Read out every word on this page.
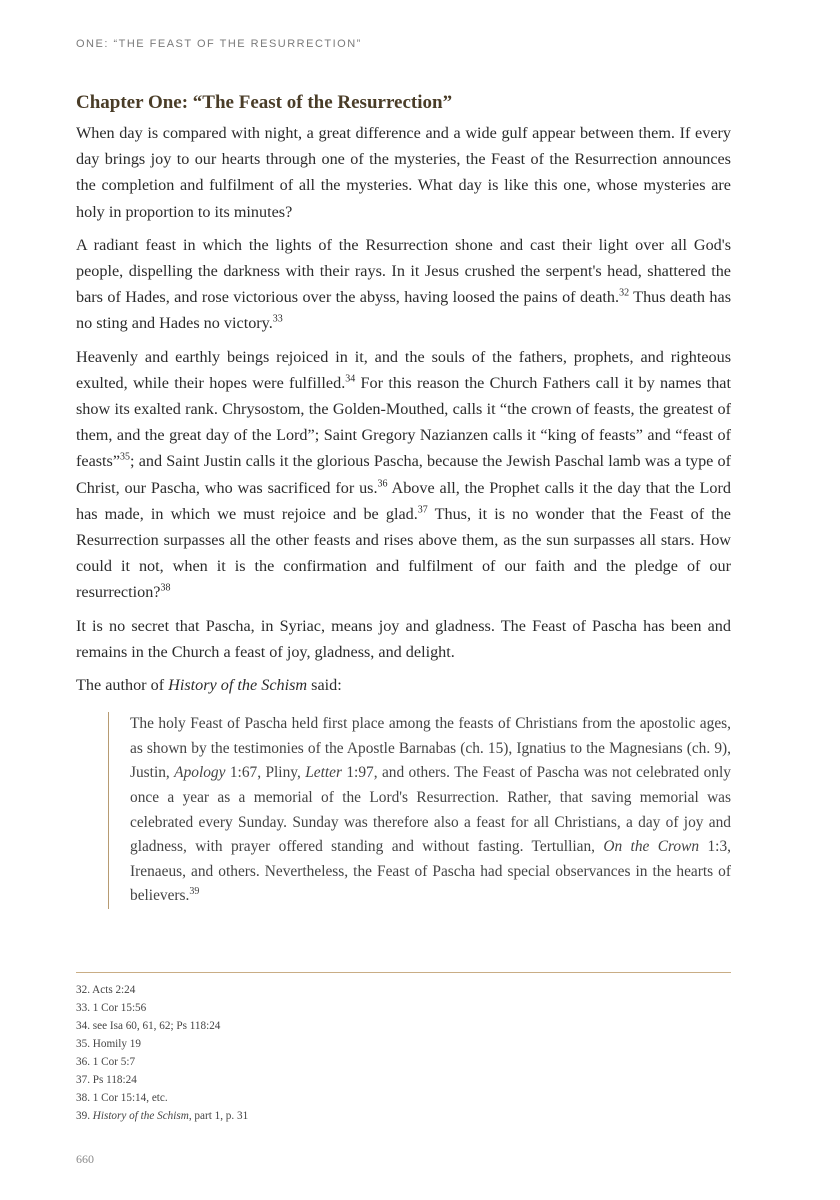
ONE: “THE FEAST OF THE RESURRECTION”
Chapter One: “The Feast of the Resurrection”

When day is compared with night, a great difference and a wide gulf appear between them. If every day brings joy to our hearts through one of the mysteries, the Feast of the Resurrection announces the completion and fulfilment of all the mysteries. What day is like this one, whose mysteries are holy in proportion to its minutes?

A radiant feast in which the lights of the Resurrection shone and cast their light over all God's people, dispelling the darkness with their rays. In it Jesus crushed the serpent's head, shattered the bars of Hades, and rose victorious over the abyss, having loosed the pains of death.$^{32}$ Thus death has no sting and Hades no victory.$^{33}$

Heavenly and earthly beings rejoiced in it, and the souls of the fathers, prophets, and righteous exulted, while their hopes were fulfilled.$^{34}$ For this reason the Church Fathers call it by names that show its exalted rank. Chrysostom, the Golden-Mouthed, calls it “the crown of feasts, the greatest of them, and the great day of the Lord”; Saint Gregory Nazianzen calls it “king of feasts” and “feast of feasts”$^{35}$; and Saint Justin calls it the glorious Pascha, because the Jewish Paschal lamb was a type of Christ, our Pascha, who was sacrificed for us.$^{36}$ Above all, the Prophet calls it the day that the Lord has made, in which we must rejoice and be glad.$^{37}$ Thus, it is no wonder that the Feast of the Resurrection surpasses all the other feasts and rises above them, as the sun surpasses all stars. How could it not, when it is the confirmation and fulfilment of our faith and the pledge of our resurrection?$^{38}$

It is no secret that Pascha, in Syriac, means joy and gladness. The Feast of Pascha has been and remains in the Church a feast of joy, gladness, and delight.

The author of History of the Schism said:

The holy Feast of Pascha held first place among the feasts of Christians from the apostolic ages, as shown by the testimonies of the Apostle Barnabas (ch. 15), Ignatius to the Magnesians (ch. 9), Justin, Apology 1:67, Pliny, Letter 1:97, and others. The Feast of Pascha was not celebrated only once a year as a memorial of the Lord's Resurrection. Rather, that saving memorial was celebrated every Sunday. Sunday was therefore also a feast for all Christians, a day of joy and gladness, with prayer offered standing and without fasting. Tertullian, On the Crown 1:3, Irenaeus, and others. Nevertheless, the Feast of Pascha had special observances in the hearts of believers.$^{39}$
32. Acts 2:24
33. 1 Cor 15:56
34. see Isa 60, 61, 62; Ps 118:24
35. Homily 19
36. 1 Cor 5:7
37. Ps 118:24
38. 1 Cor 15:14, etc.
39. History of the Schism, part 1, p. 31
660
